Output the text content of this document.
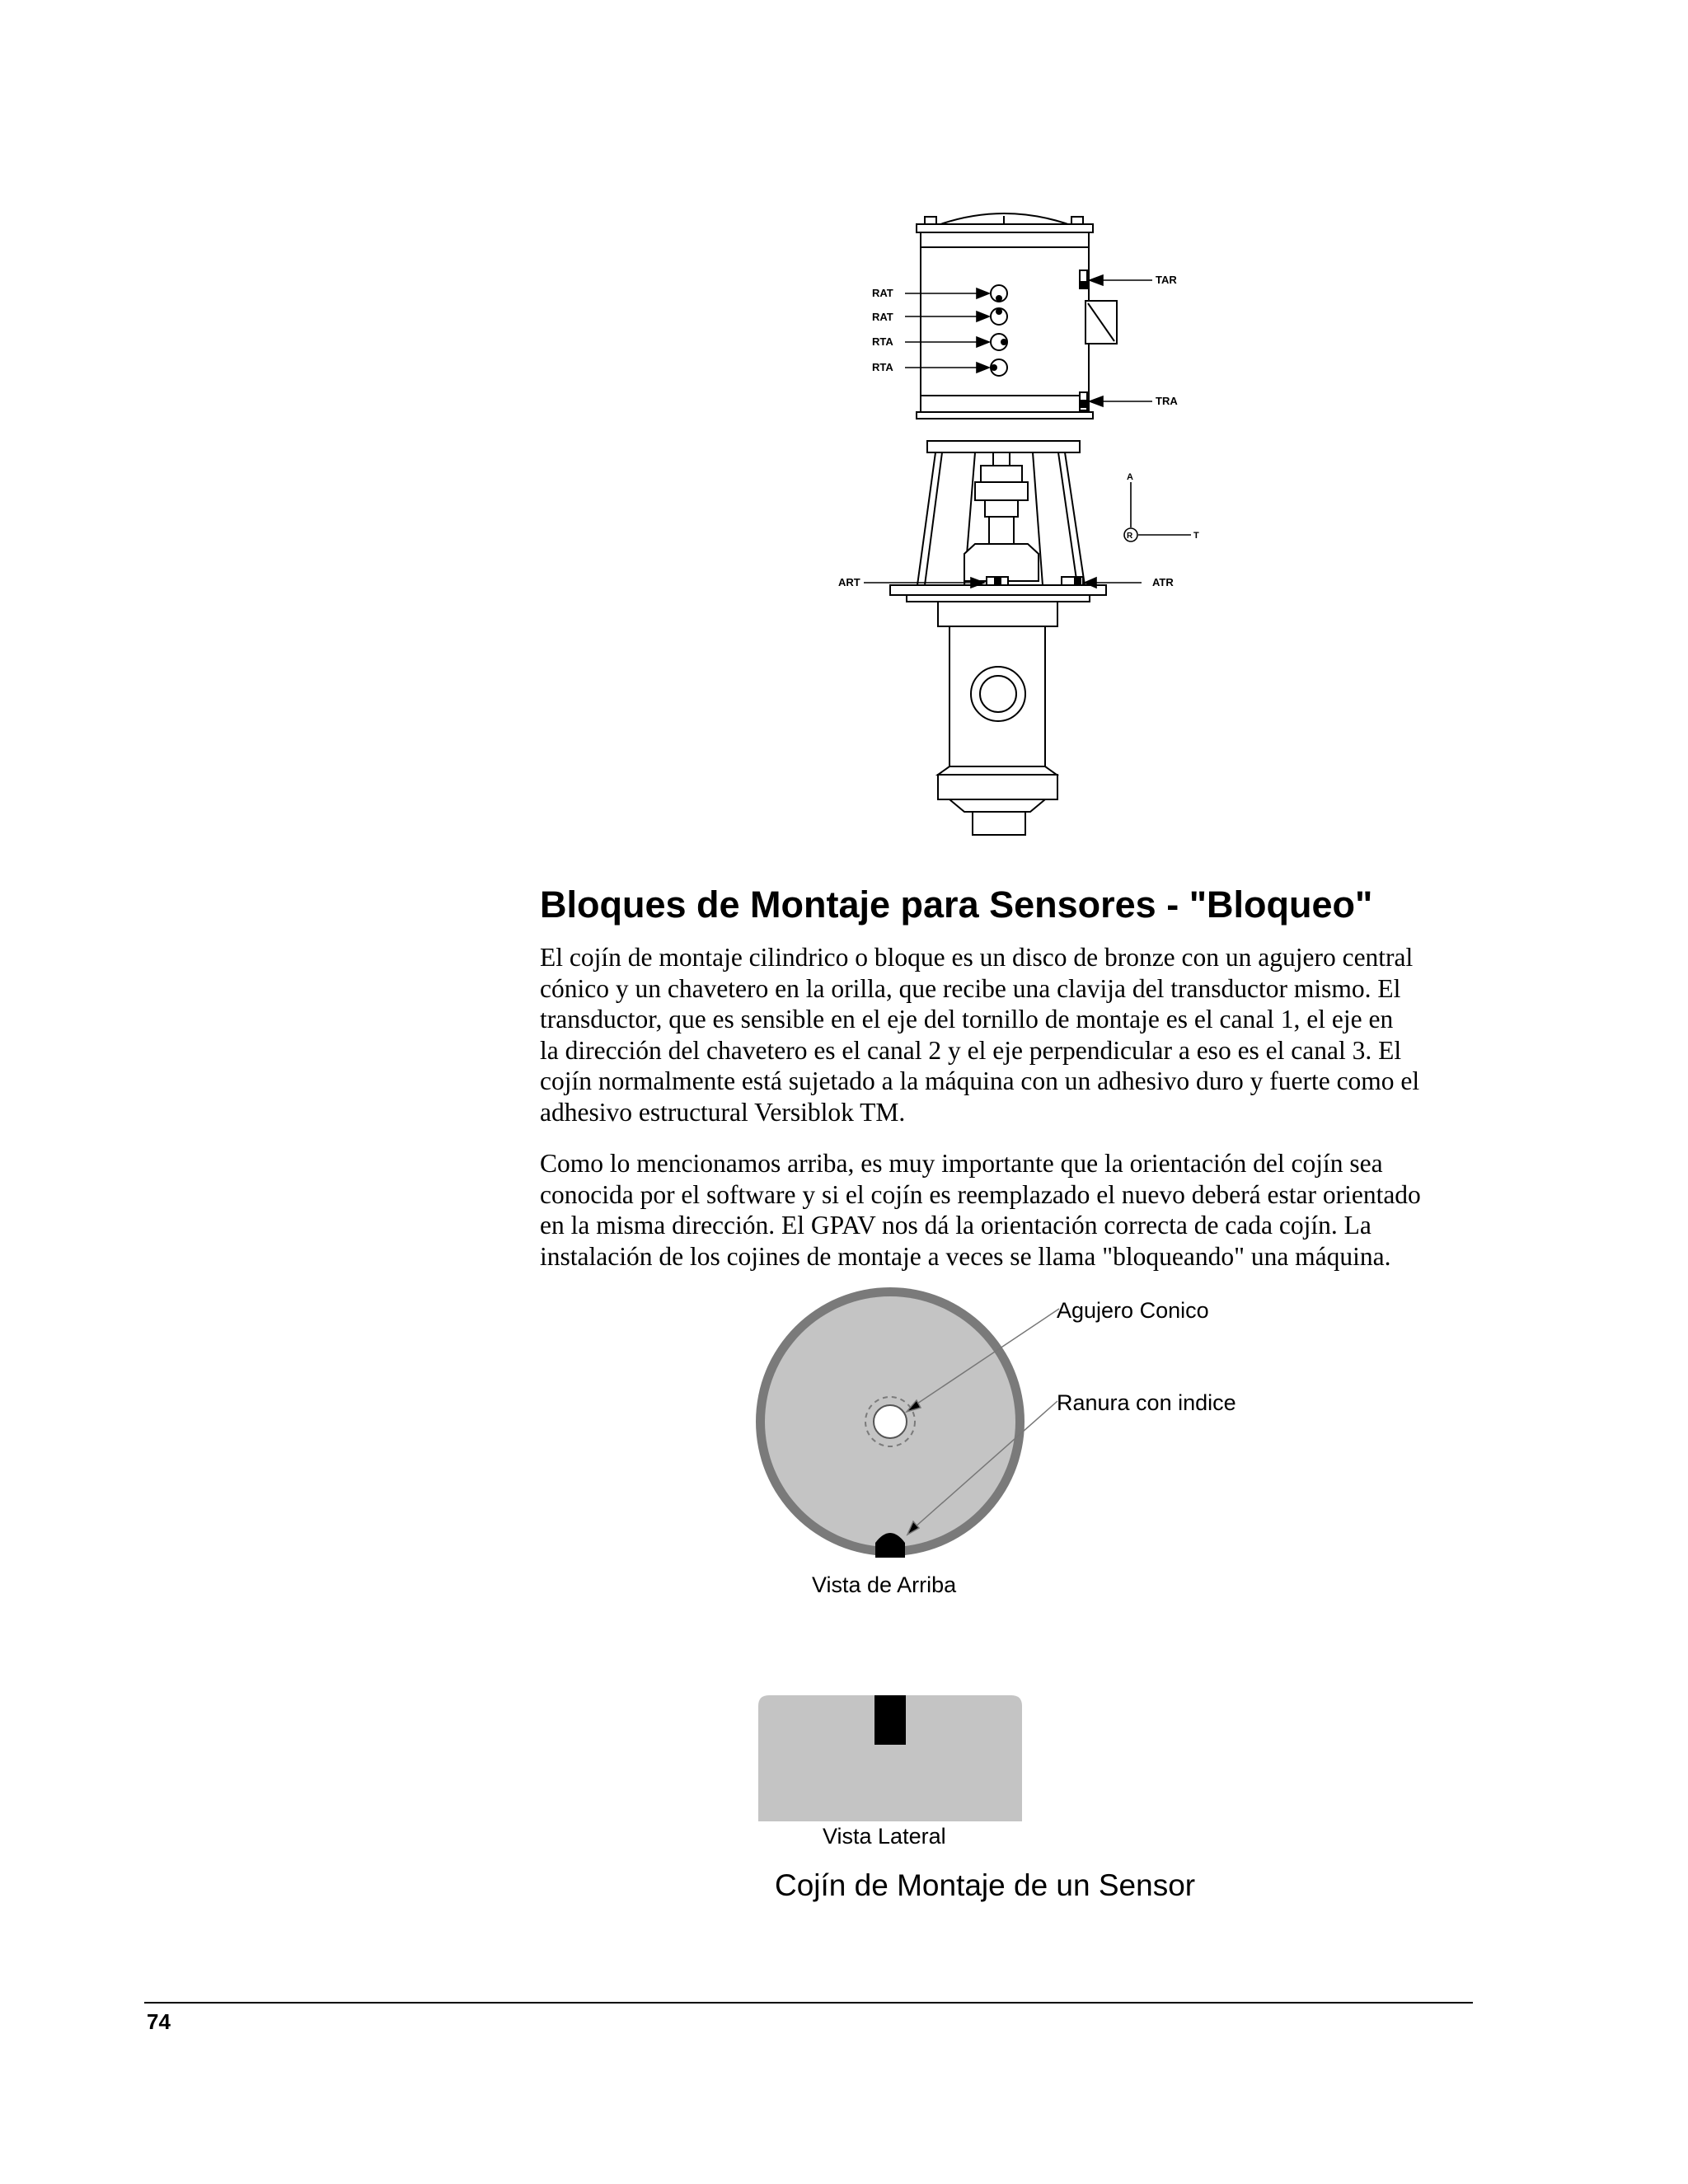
RAT
RAT
RTA
RTA
TAR
TRA
ART	ATR
A
R	T
Bloques de Montaje para Sensores - "Bloqueo"

El cojín de montaje cilindrico o bloque es un disco de bronze con un agujero central
cónico y un chavetero en la orilla, que recibe una clavija del transductor mismo. El
transductor, que es sensible en el eje del tornillo de montaje es el canal 1, el eje en
la dirección del chavetero es el canal 2 y el eje perpendicular a eso es el canal 3. El
cojín normalmente está sujetado a la máquina con un adhesivo duro y fuerte como el
adhesivo estructural Versiblok TM.

Como lo mencionamos arriba, es muy importante que la orientación del cojín sea
conocida por el software y si el cojín es reemplazado el nuevo deberá estar orientado
en la misma dirección. El GPAV nos dá la orientación correcta de cada cojín. La
instalación de los cojines de montaje a veces se llama "bloqueando" una máquina.

Agujero Conico
Ranura con indice
Vista de Arriba
Vista Lateral
Cojín de Montaje de un Sensor
74
